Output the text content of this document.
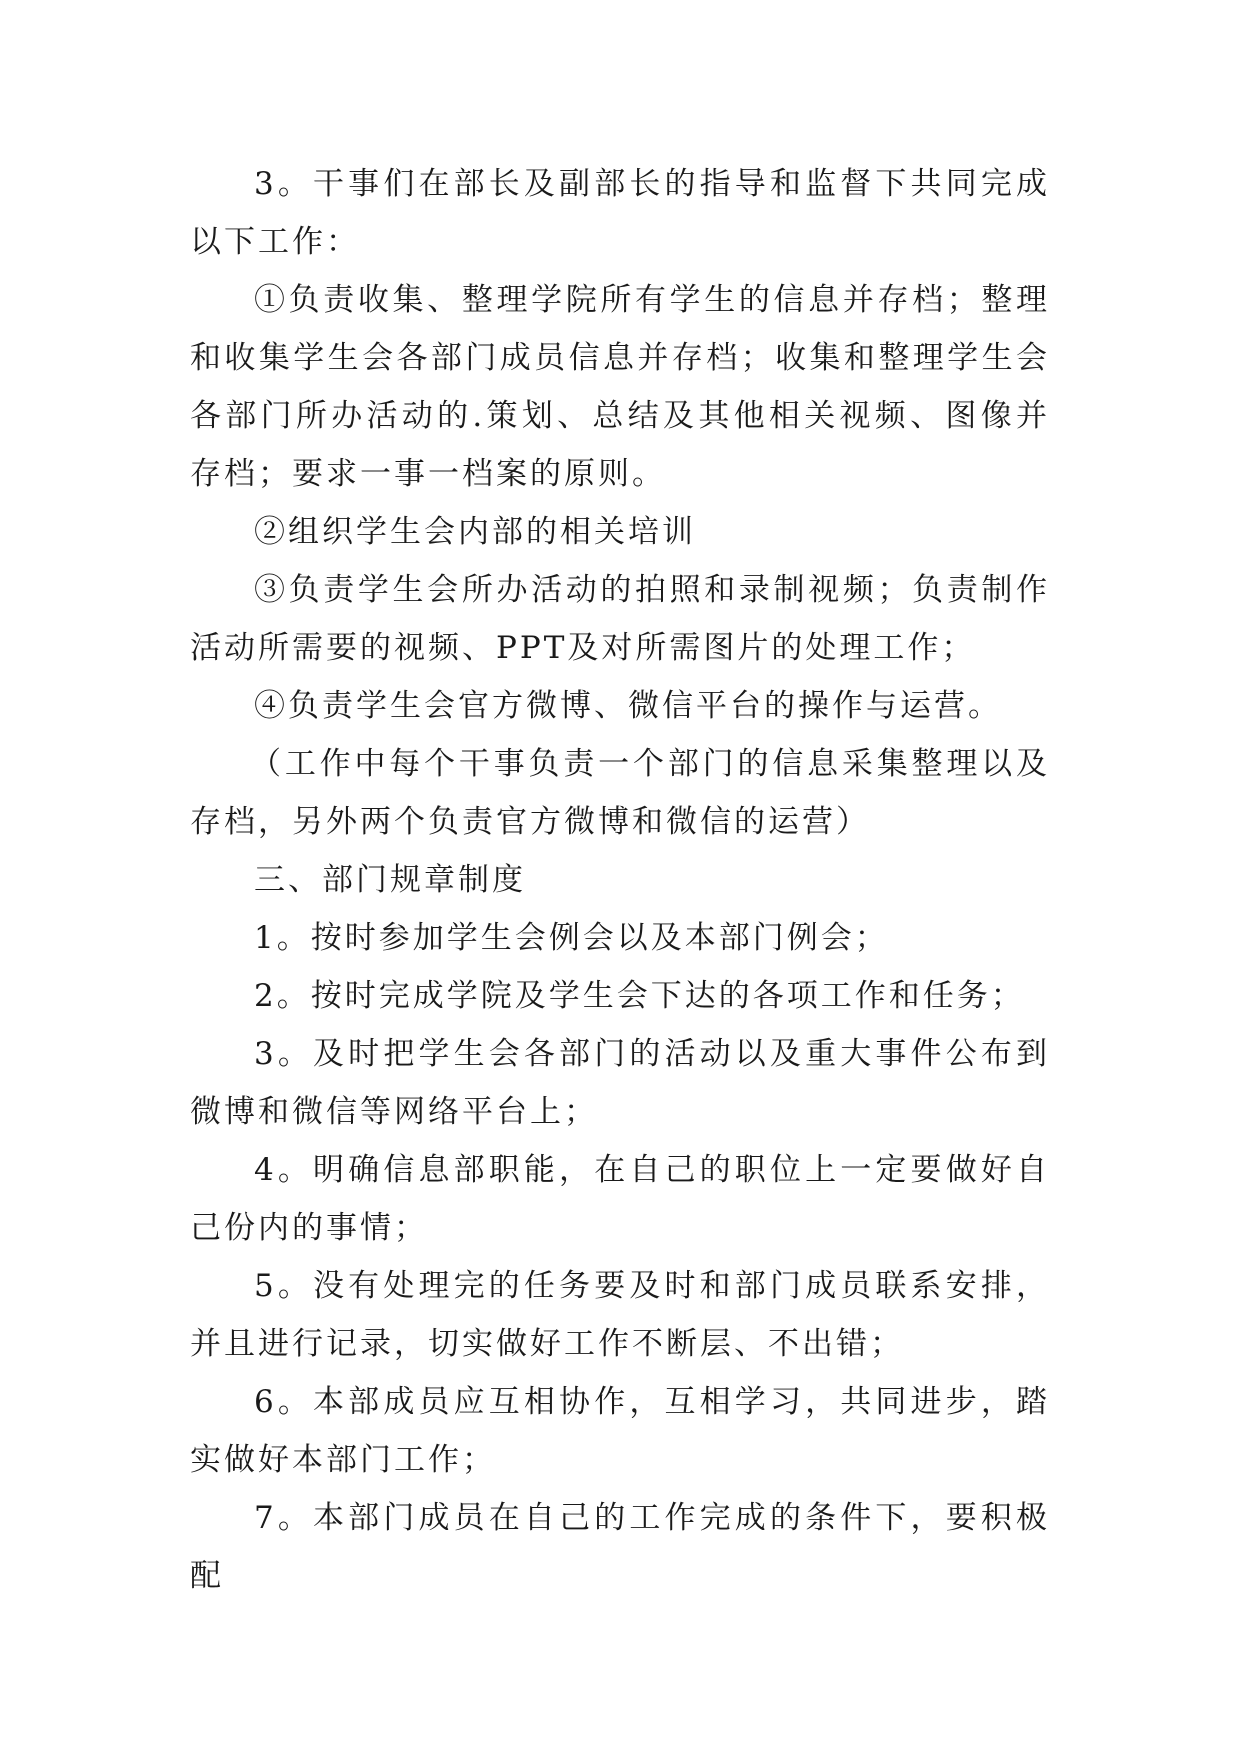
3。干事们在部长及副部长的指导和监督下共同完成以下工作：

①负责收集、整理学院所有学生的信息并存档；整理和收集学生会各部门成员信息并存档；收集和整理学生会各部门所办活动的.策划、总结及其他相关视频、图像并存档；要求一事一档案的原则。

②组织学生会内部的相关培训

③负责学生会所办活动的拍照和录制视频；负责制作活动所需要的视频、PPT及对所需图片的处理工作；

④负责学生会官方微博、微信平台的操作与运营。

（工作中每个干事负责一个部门的信息采集整理以及存档，另外两个负责官方微博和微信的运营）

三、部门规章制度

1。按时参加学生会例会以及本部门例会；

2。按时完成学院及学生会下达的各项工作和任务；

3。及时把学生会各部门的活动以及重大事件公布到微博和微信等网络平台上；

4。明确信息部职能，在自己的职位上一定要做好自己份内的事情；

5。没有处理完的任务要及时和部门成员联系安排，并且进行记录，切实做好工作不断层、不出错；

6。本部成员应互相协作，互相学习，共同进步，踏实做好本部门工作；

7。本部门成员在自己的工作完成的条件下，要积极配
